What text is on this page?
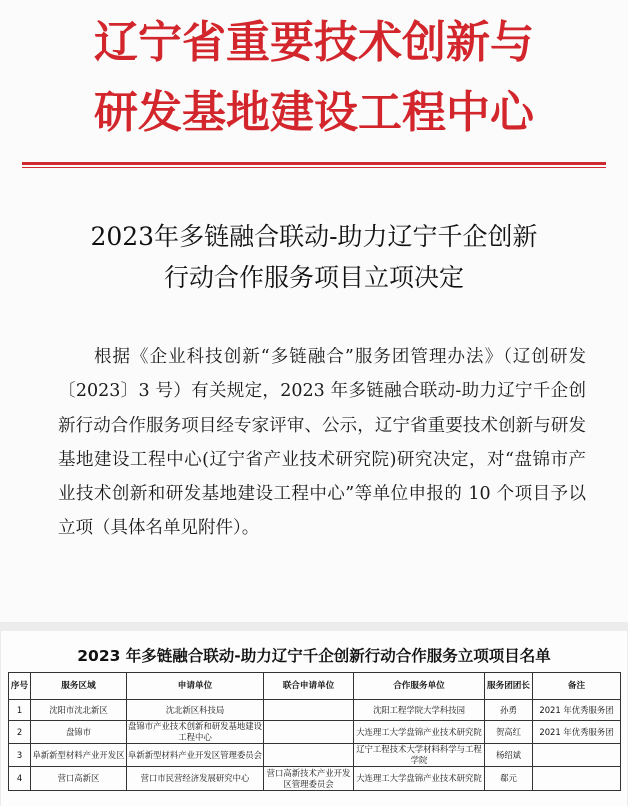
辽宁省重要技术创新与
研发基地建设工程中心
2023年多链融合联动-助力辽宁千企创新
行动合作服务项目立项决定

根据《企业科技创新“多链融合”服务团管理办法》（辽创研发〔2023〕3 号）有关规定，2023 年多链融合联动-助力辽宁千企创新行动合作服务项目经专家评审、公示，辽宁省重要技术创新与研发基地建设工程中心(辽宁省产业技术研究院)研究决定，对“盘锦市产业技术创新和研发基地建设工程中心”等单位申报的 10 个项目予以立项（具体名单见附件）。

2023 年多链融合联动-助力辽宁千企创新行动合作服务立项项目名单
序号	服务区域	申请单位	联合申请单位	合作服务单位	服务团团长	备注
1	沈阳市沈北新区	沈北新区科技局		沈阳工程学院大学科技园	孙勇	2021 年优秀服务团
2	盘锦市	盘锦市产业技术创新和研发基地建设工程中心		大连理工大学盘锦产业技术研究院	贺高红	2021 年优秀服务团
3	阜新新型材料产业开发区	阜新新型材料产业开发区管理委员会		辽宁工程技术大学材料科学与工程学院	杨绍斌	
4	营口高新区	营口市民营经济发展研究中心	营口高新技术产业开发区管理委员会	大连理工大学盘锦产业技术研究院	郗元	
